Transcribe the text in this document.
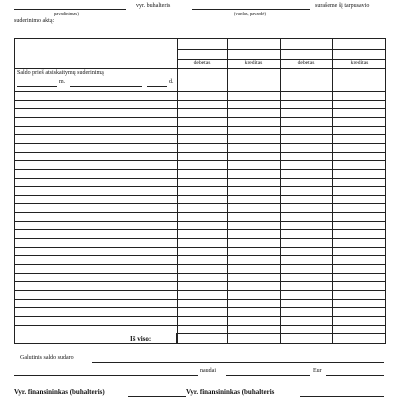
vyr. buhalteris	suraŝeme šį tarpusavio
pavadinimas)	(vardas, pavardė)
suderinimo aktą:
debetas	kreditas	debetas	kreditas
Saldo prieš atsiskaitymų suderinimą
m.	d.
Iš viso:
Galutinis saldo sudaro
naudai	Eur
Vyr. finansininkas (buhalteris)	Vyr. finansininkas (buhalteris
